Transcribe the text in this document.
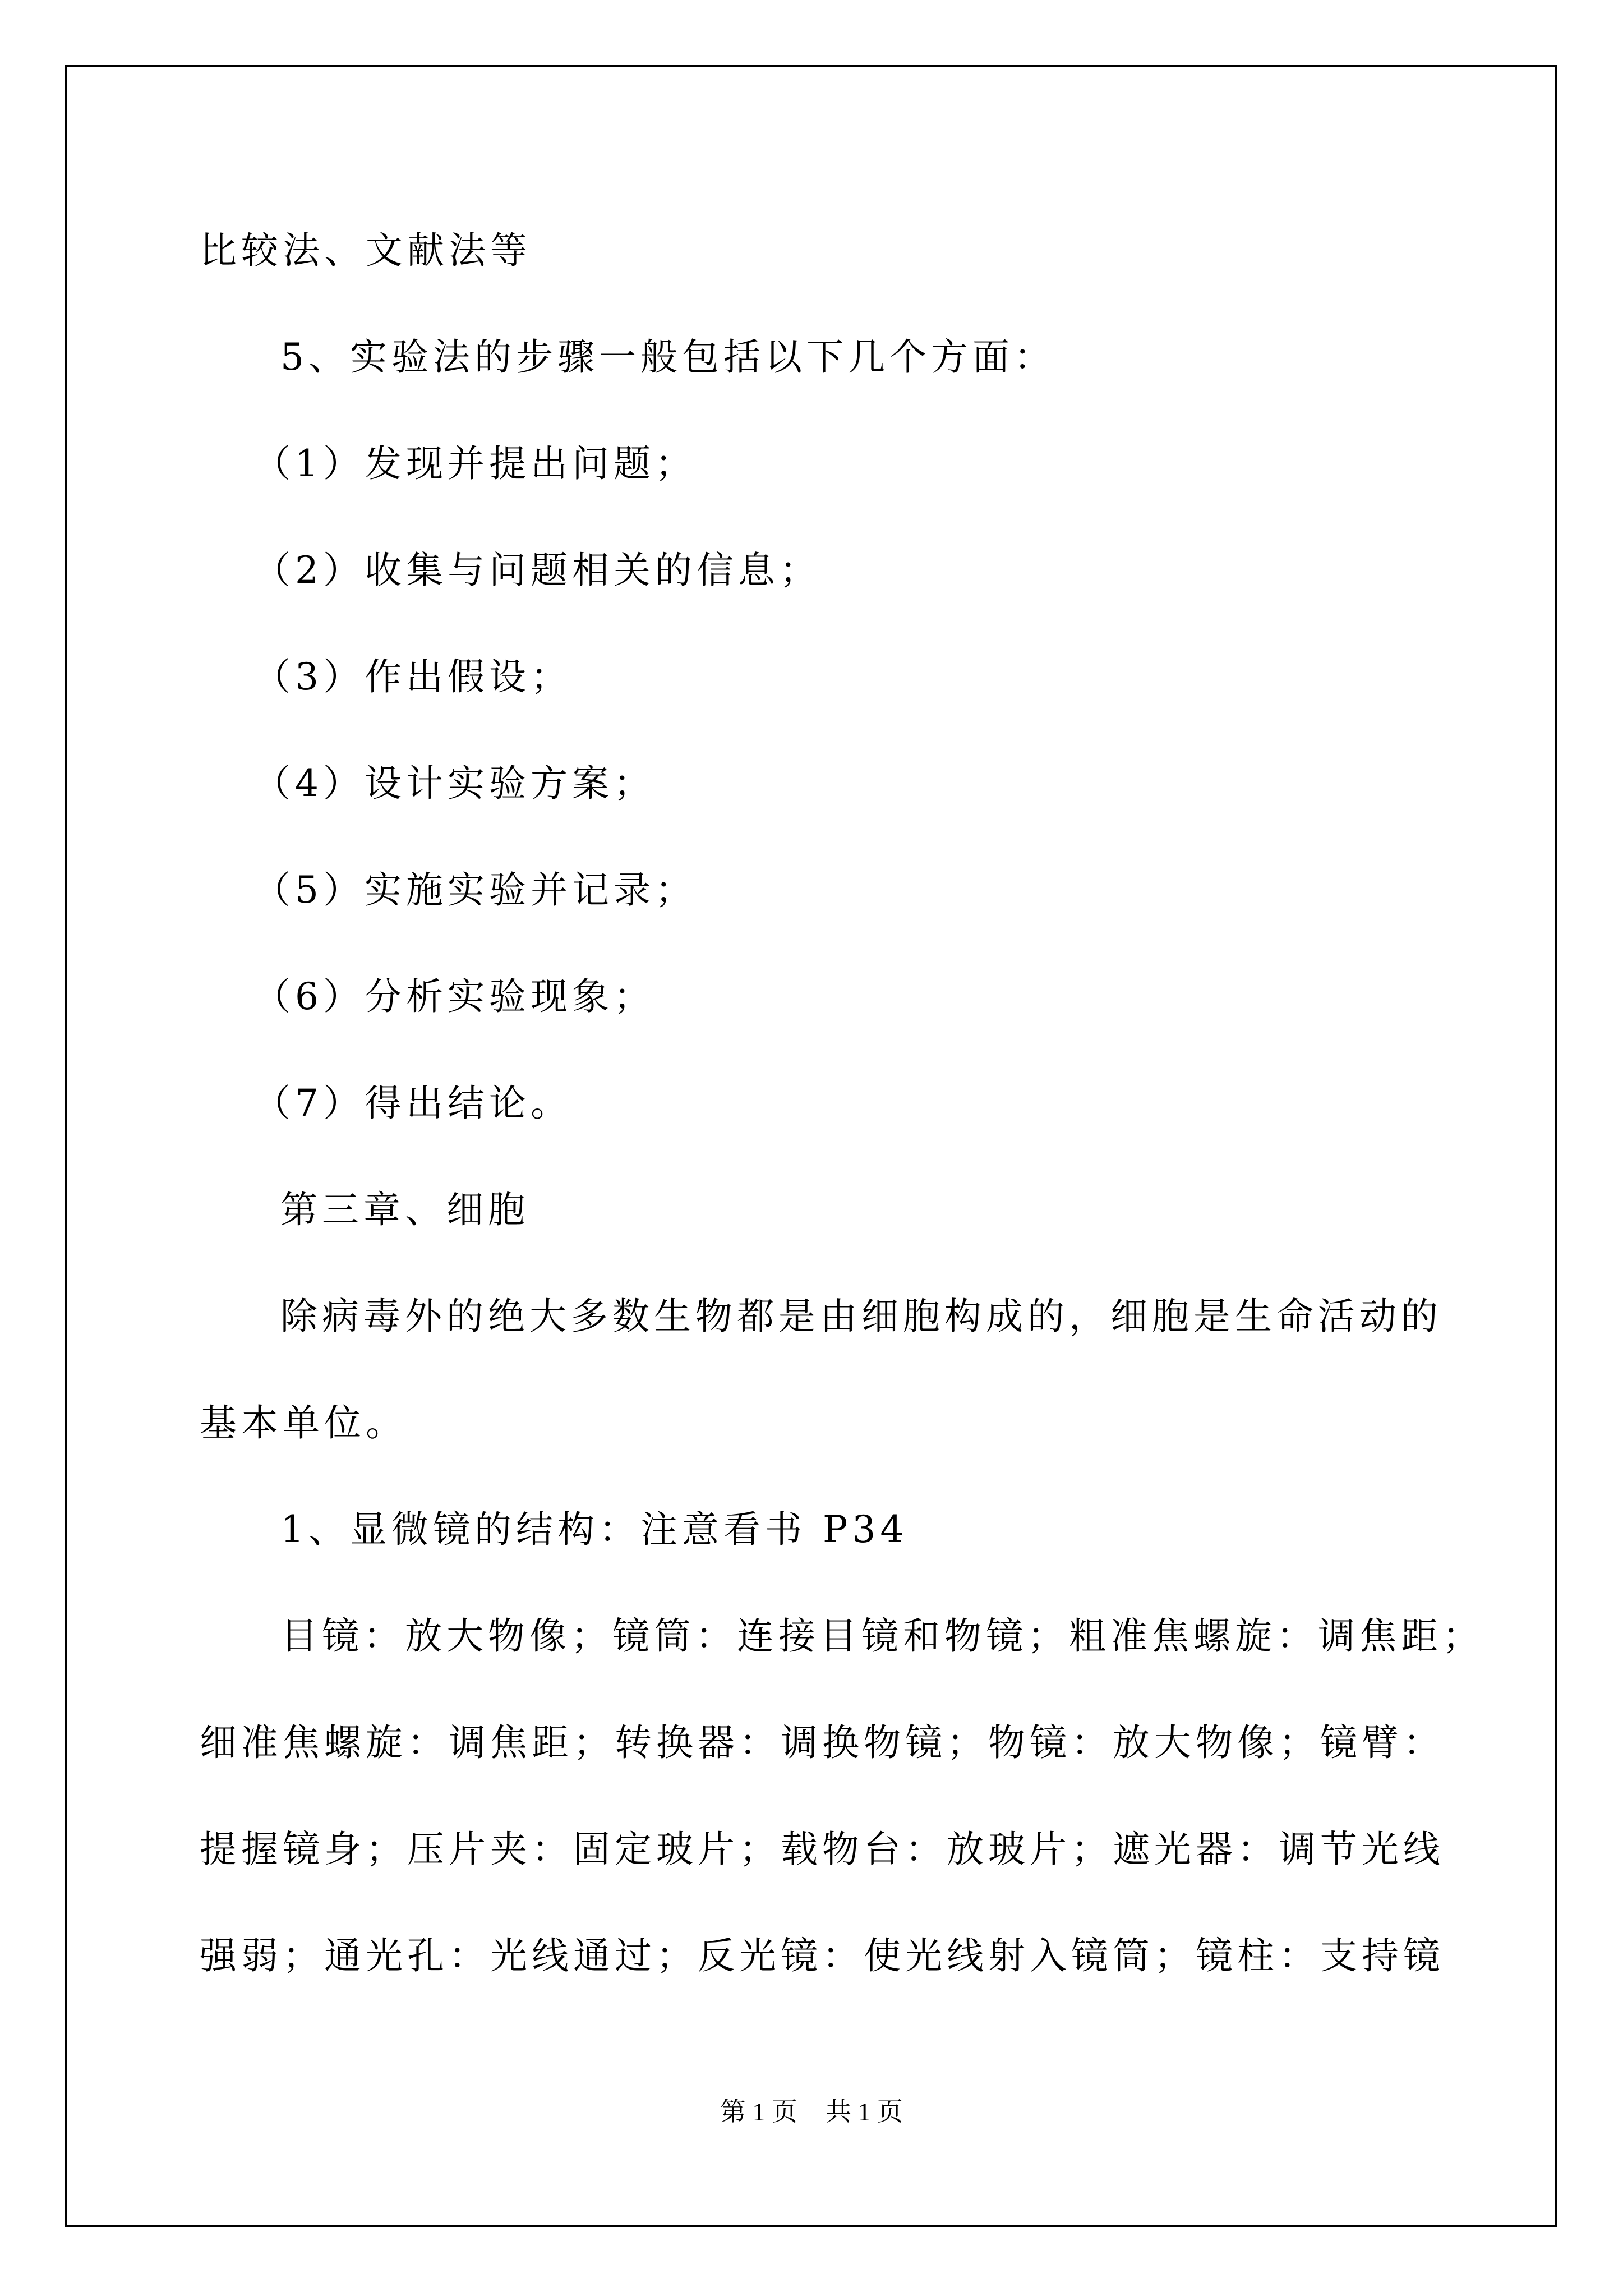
比较法、文献法等
5、实验法的步骤一般包括以下几个方面：
（1）发现并提出问题；
（2）收集与问题相关的信息；
（3）作出假设；
（4）设计实验方案；
（5）实施实验并记录；
（6）分析实验现象；
（7）得出结论。
第三章、细胞
除病毒外的绝大多数生物都是由细胞构成的，细胞是生命活动的
基本单位。
1、显微镜的结构：注意看书 P34
目镜：放大物像；镜筒：连接目镜和物镜；粗准焦螺旋：调焦距；
细准焦螺旋：调焦距；转换器：调换物镜；物镜：放大物像；镜臂：
提握镜身；压片夹：固定玻片；载物台：放玻片；遮光器：调节光线
强弱；通光孔：光线通过；反光镜：使光线射入镜筒；镜柱：支持镜
第 1 页 共 1 页
